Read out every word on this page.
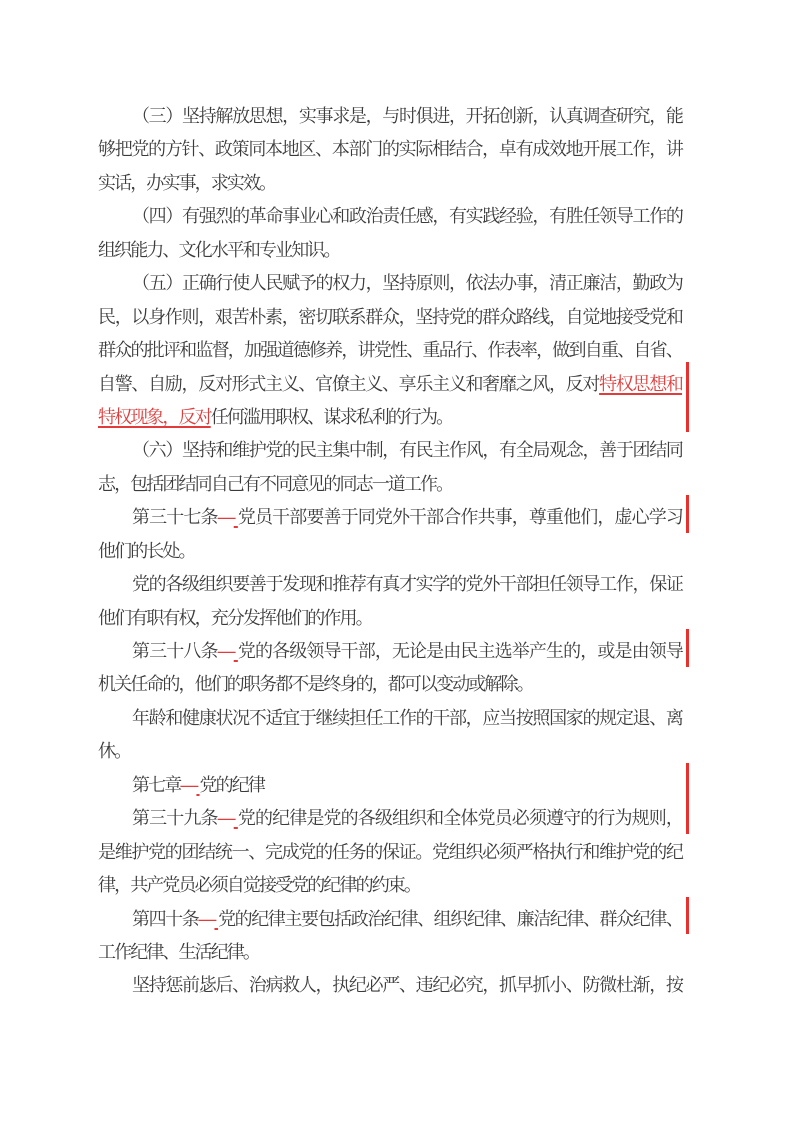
（三）坚持解放思想，实事求是，与时俱进，开拓创新，认真调查研究，能
够把党的方针、政策同本地区、本部门的实际相结合，卓有成效地开展工作，讲
实话，办实事，求实效。
（四）有强烈的革命事业心和政治责任感，有实践经验，有胜任领导工作的
组织能力、文化水平和专业知识。
（五）正确行使人民赋予的权力，坚持原则，依法办事，清正廉洁，勤政为
民，以身作则，艰苦朴素，密切联系群众，坚持党的群众路线，自觉地接受党和
群众的批评和监督，加强道德修养，讲党性、重品行、作表率，做到自重、自省、
自警、自励，反对形式主义、官僚主义、享乐主义和奢靡之风，反对特权思想和
特权现象，反对任何滥用职权、谋求私利的行为。
（六）坚持和维护党的民主集中制，有民主作风，有全局观念，善于团结同
志，包括团结同自己有不同意见的同志一道工作。
第三十七条— 党员干部要善于同党外干部合作共事，尊重他们，虚心学习
他们的长处。
党的各级组织要善于发现和推荐有真才实学的党外干部担任领导工作，保证
他们有职有权，充分发挥他们的作用。
第三十八条— 党的各级领导干部，无论是由民主选举产生的，或是由领导
机关任命的，他们的职务都不是终身的，都可以变动或解除。
年龄和健康状况不适宜于继续担任工作的干部，应当按照国家的规定退、离
休。
第七章— 党的纪律
第三十九条— 党的纪律是党的各级组织和全体党员必须遵守的行为规则，
是维护党的团结统一、完成党的任务的保证。党组织必须严格执行和维护党的纪
律，共产党员必须自觉接受党的纪律的约束。
第四十条— 党的纪律主要包括政治纪律、组织纪律、廉洁纪律、群众纪律、
工作纪律、生活纪律。
坚持惩前毖后、治病救人，执纪必严、违纪必究，抓早抓小、防微杜渐，按
